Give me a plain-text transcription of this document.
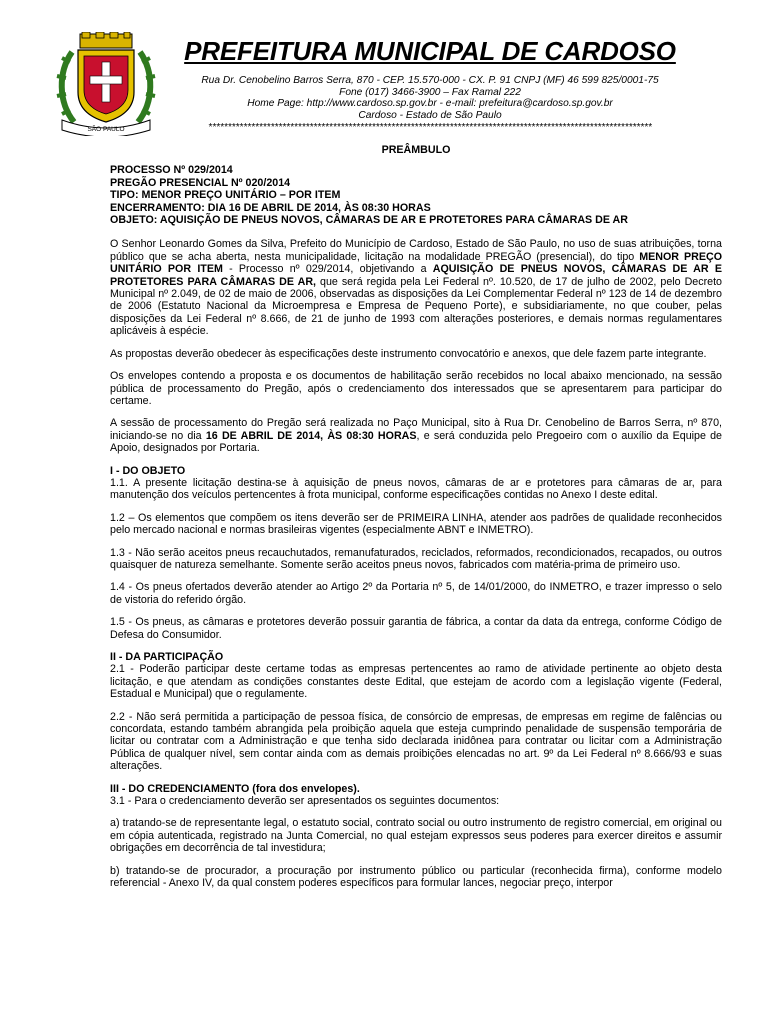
SÃO PAULO
PREFEITURA MUNICIPAL DE CARDOSO
Rua Dr. Cenobelino Barros Serra, 870 - CEP. 15.570-000 - CX. P. 91 CNPJ (MF) 46 599 825/0001-75
Fone (017) 3466-3900 – Fax Ramal 222
Home Page: http://www.cardoso.sp.gov.br - e-mail: prefeitura@cardoso.sp.gov.br
Cardoso - Estado de São Paulo
******************************************************************************************************************
PREÂMBULO
PROCESSO Nº 029/2014
PREGÃO PRESENCIAL Nº 020/2014
TIPO: MENOR PREÇO UNITÁRIO – POR ITEM
ENCERRAMENTO: DIA 16 DE ABRIL DE 2014, ÀS 08:30 HORAS
OBJETO: AQUISIÇÃO DE PNEUS NOVOS, CÂMARAS DE AR E PROTETORES PARA CÂMARAS DE AR

O Senhor Leonardo Gomes da Silva, Prefeito do Município de Cardoso, Estado de São Paulo, no uso de suas atribuições, torna público que se acha aberta, nesta municipalidade, licitação na modalidade PREGÃO (presencial), do tipo MENOR PREÇO UNITÁRIO POR ITEM - Processo nº 029/2014, objetivando a AQUISIÇÃO DE PNEUS NOVOS, CÂMARAS DE AR E PROTETORES PARA CÂMARAS DE AR, que será regida pela Lei Federal nº. 10.520, de 17 de julho de 2002, pelo Decreto Municipal nº 2.049, de 02 de maio de 2006, observadas as disposições da Lei Complementar Federal nº 123 de 14 de dezembro de 2006 (Estatuto Nacional da Microempresa e Empresa de Pequeno Porte), e subsidiariamente, no que couber, pelas disposições da Lei Federal nº 8.666, de 21 de junho de 1993 com alterações posteriores, e demais normas regulamentares aplicáveis à espécie.

As propostas deverão obedecer às especificações deste instrumento convocatório e anexos, que dele fazem parte integrante.

Os envelopes contendo a proposta e os documentos de habilitação serão recebidos no local abaixo mencionado, na sessão pública de processamento do Pregão, após o credenciamento dos interessados que se apresentarem para participar do certame.

A sessão de processamento do Pregão será realizada no Paço Municipal, sito à Rua Dr. Cenobelino de Barros Serra, nº 870, iniciando-se no dia 16 DE ABRIL DE 2014, ÀS 08:30 HORAS, e será conduzida pelo Pregoeiro com o auxílio da Equipe de Apoio, designados por Portaria.

I - DO OBJETO

1.1. A presente licitação destina-se à aquisição de pneus novos, câmaras de ar e protetores para câmaras de ar, para manutenção dos veículos pertencentes à frota municipal, conforme especificações contidas no Anexo I deste edital.

1.2 – Os elementos que compõem os itens deverão ser de PRIMEIRA LINHA, atender aos padrões de qualidade reconhecidos pelo mercado nacional e normas brasileiras vigentes (especialmente ABNT e INMETRO).

1.3 - Não serão aceitos pneus recauchutados, remanufaturados, reciclados, reformados, recondicionados, recapados, ou outros quaisquer de natureza semelhante. Somente serão aceitos pneus novos, fabricados com matéria-prima de primeiro uso.

1.4 - Os pneus ofertados deverão atender ao Artigo 2º da Portaria nº 5, de 14/01/2000, do INMETRO, e trazer impresso o selo de vistoria do referido órgão.

1.5 - Os pneus, as câmaras e protetores deverão possuir garantia de fábrica, a contar da data da entrega, conforme Código de Defesa do Consumidor.

II - DA PARTICIPAÇÃO

2.1 - Poderão participar deste certame todas as empresas pertencentes ao ramo de atividade pertinente ao objeto desta licitação, e que atendam as condições constantes deste Edital, que estejam de acordo com a legislação vigente (Federal, Estadual e Municipal) que o regulamente.

2.2 - Não será permitida a participação de pessoa física, de consórcio de empresas, de empresas em regime de falências ou concordata, estando também abrangida pela proibição aquela que esteja cumprindo penalidade de suspensão temporária de licitar ou contratar com a Administração e que tenha sido declarada inidônea para contratar ou licitar com a Administração Pública de qualquer nível, sem contar ainda com as demais proibições elencadas no art. 9º da Lei Federal nº 8.666/93 e suas alterações.

III - DO CREDENCIAMENTO (fora dos envelopes).

3.1 - Para o credenciamento deverão ser apresentados os seguintes documentos:

a) tratando-se de representante legal, o estatuto social, contrato social ou outro instrumento de registro comercial, em original ou em cópia autenticada, registrado na Junta Comercial, no qual estejam expressos seus poderes para exercer direitos e assumir obrigações em decorrência de tal investidura;

b) tratando-se de procurador, a procuração por instrumento público ou particular (reconhecida firma), conforme modelo referencial - Anexo IV, da qual constem poderes específicos para formular lances, negociar preço, interpor
